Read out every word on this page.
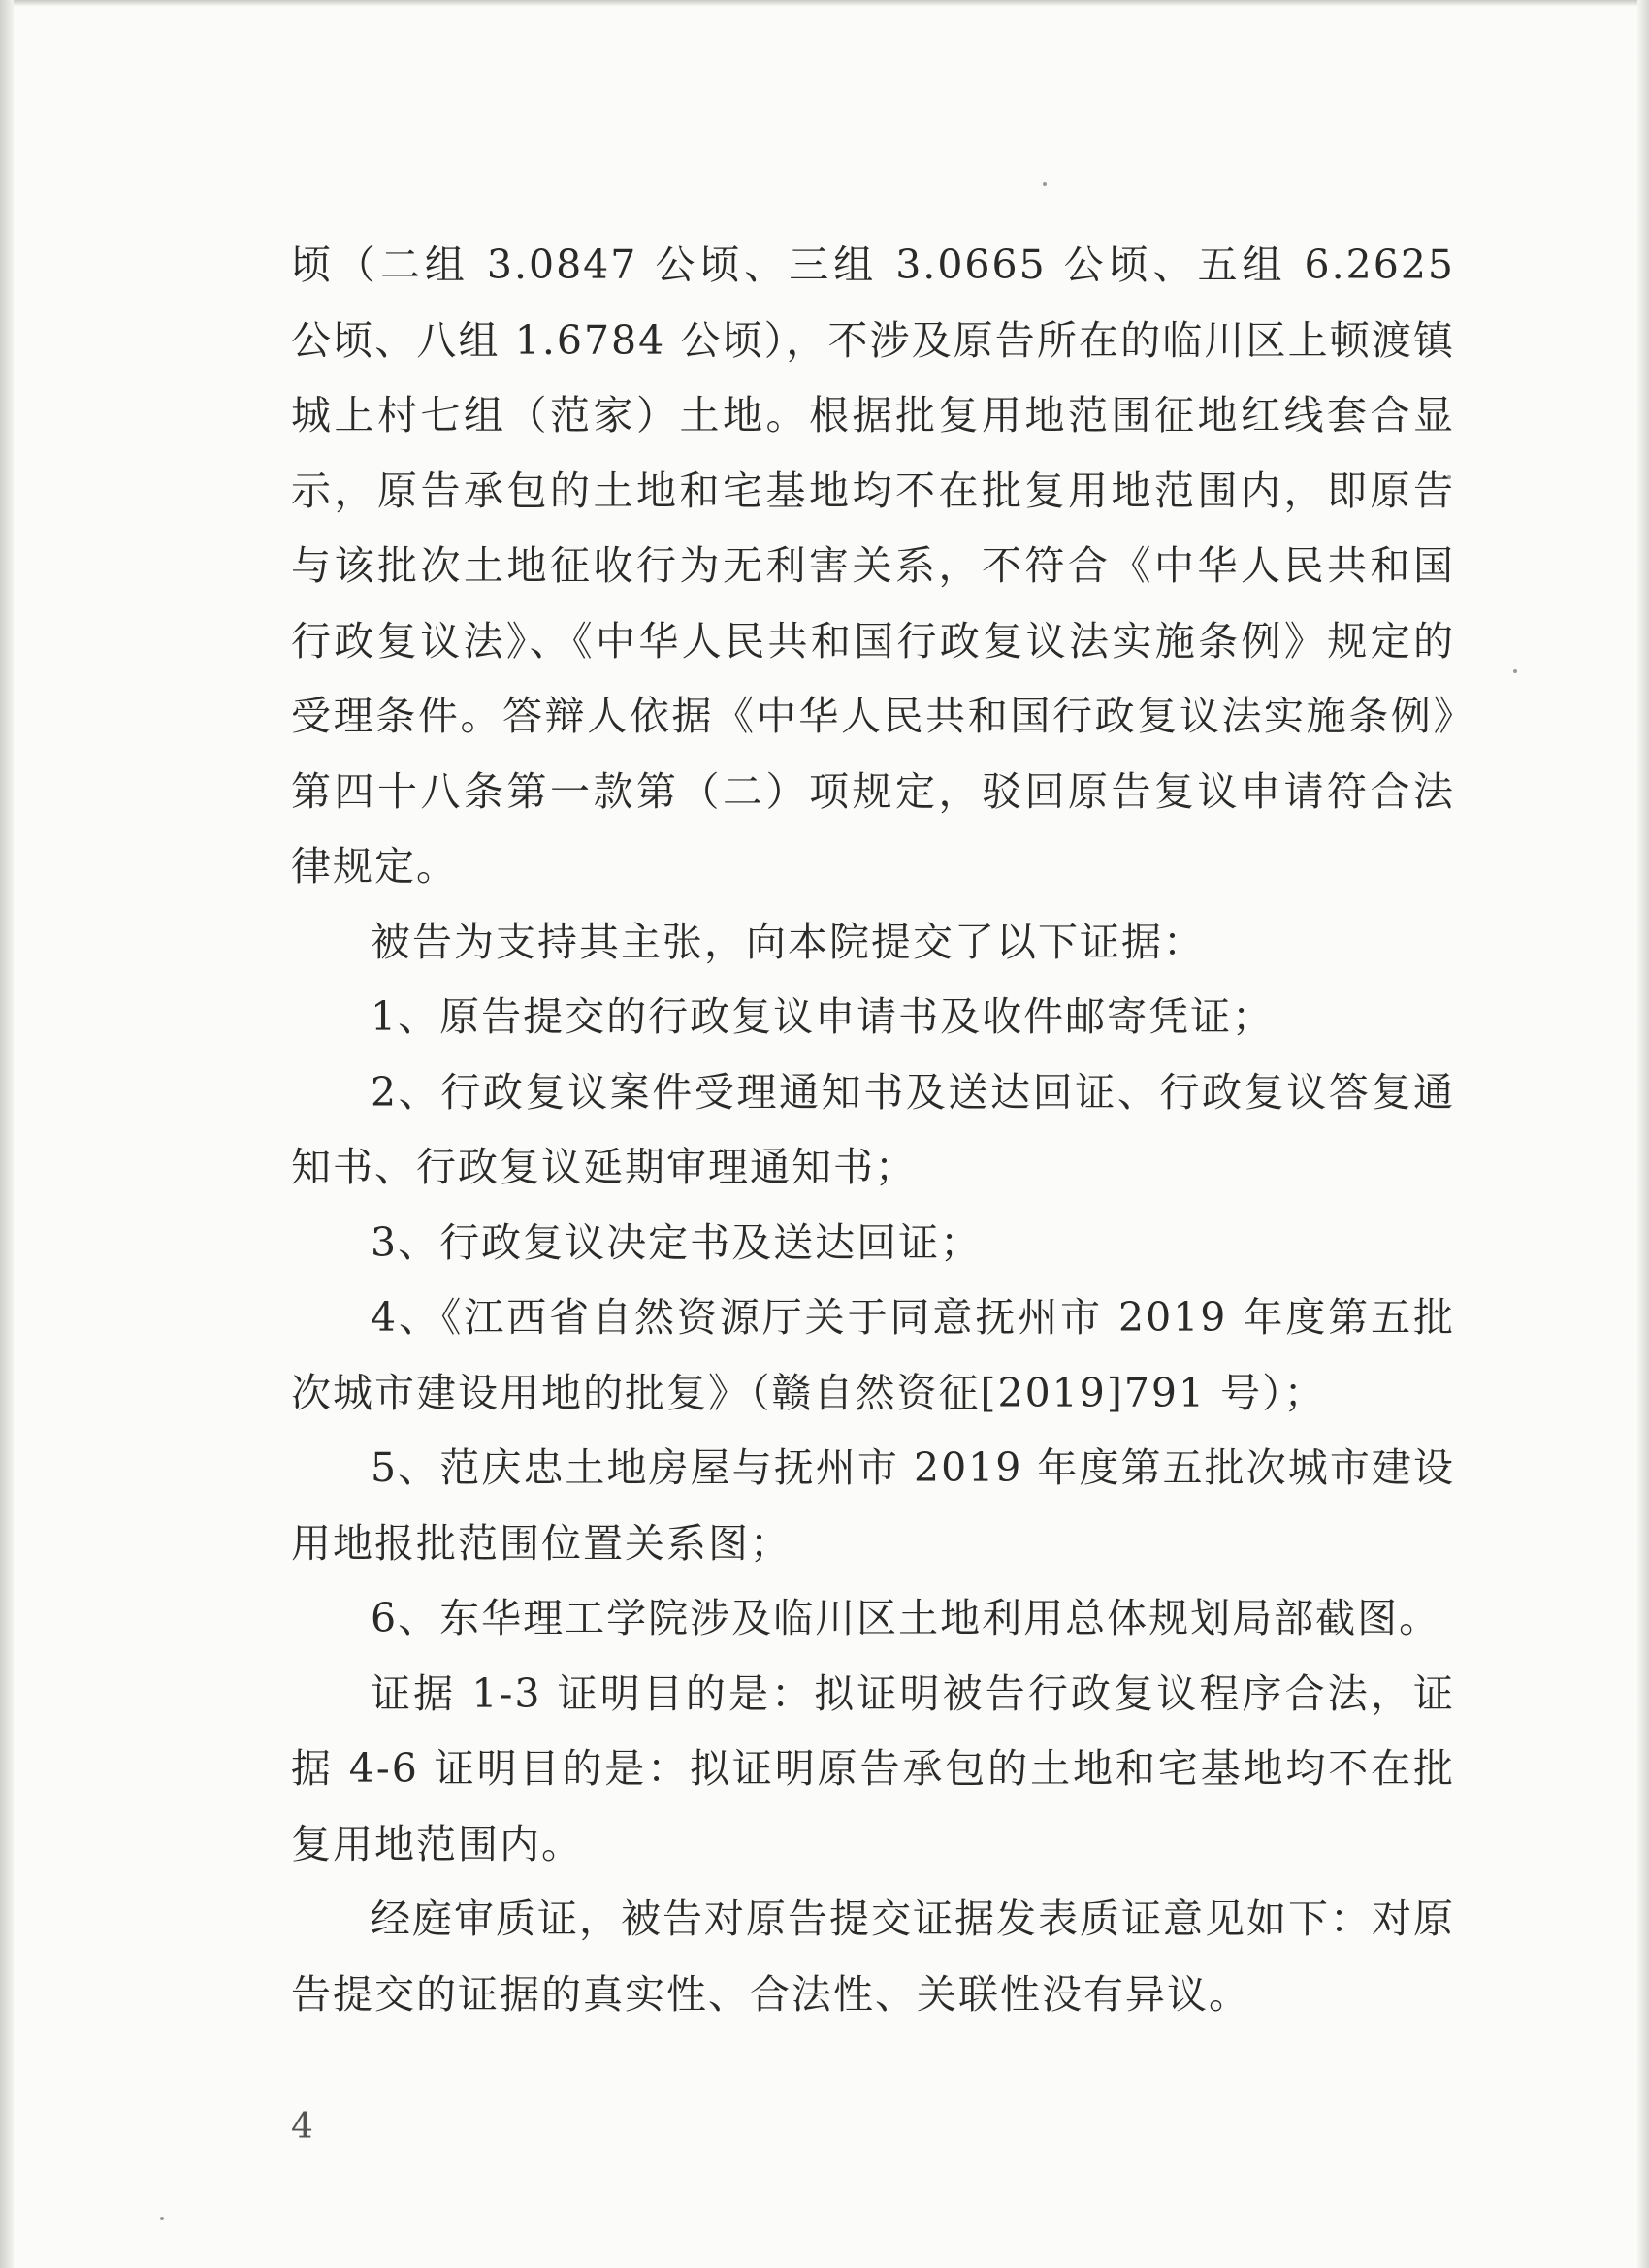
顷（二组 3.0847 公顷、三组 3.0665 公顷、五组 6.2625 公顷、八组 1.6784 公顷），不涉及原告所在的临川区上顿渡镇城上村七组（范家）土地。根据批复用地范围征地红线套合显示，原告承包的土地和宅基地均不在批复用地范围内，即原告与该批次土地征收行为无利害关系，不符合《中华人民共和国行政复议法》、《中华人民共和国行政复议法实施条例》规定的受理条件。答辩人依据《中华人民共和国行政复议法实施条例》第四十八条第一款第（二）项规定，驳回原告复议申请符合法律规定。

被告为支持其主张，向本院提交了以下证据：

1、原告提交的行政复议申请书及收件邮寄凭证；

2、行政复议案件受理通知书及送达回证、行政复议答复通知书、行政复议延期审理通知书；

3、行政复议决定书及送达回证；

4、《江西省自然资源厅关于同意抚州市 2019 年度第五批次城市建设用地的批复》（赣自然资征[2019]791 号）；

5、范庆忠土地房屋与抚州市 2019 年度第五批次城市建设用地报批范围位置关系图；

6、东华理工学院涉及临川区土地利用总体规划局部截图。

证据 1-3 证明目的是：拟证明被告行政复议程序合法，证据 4-6 证明目的是：拟证明原告承包的土地和宅基地均不在批复用地范围内。

经庭审质证，被告对原告提交证据发表质证意见如下：对原告提交的证据的真实性、合法性、关联性没有异议。

4
